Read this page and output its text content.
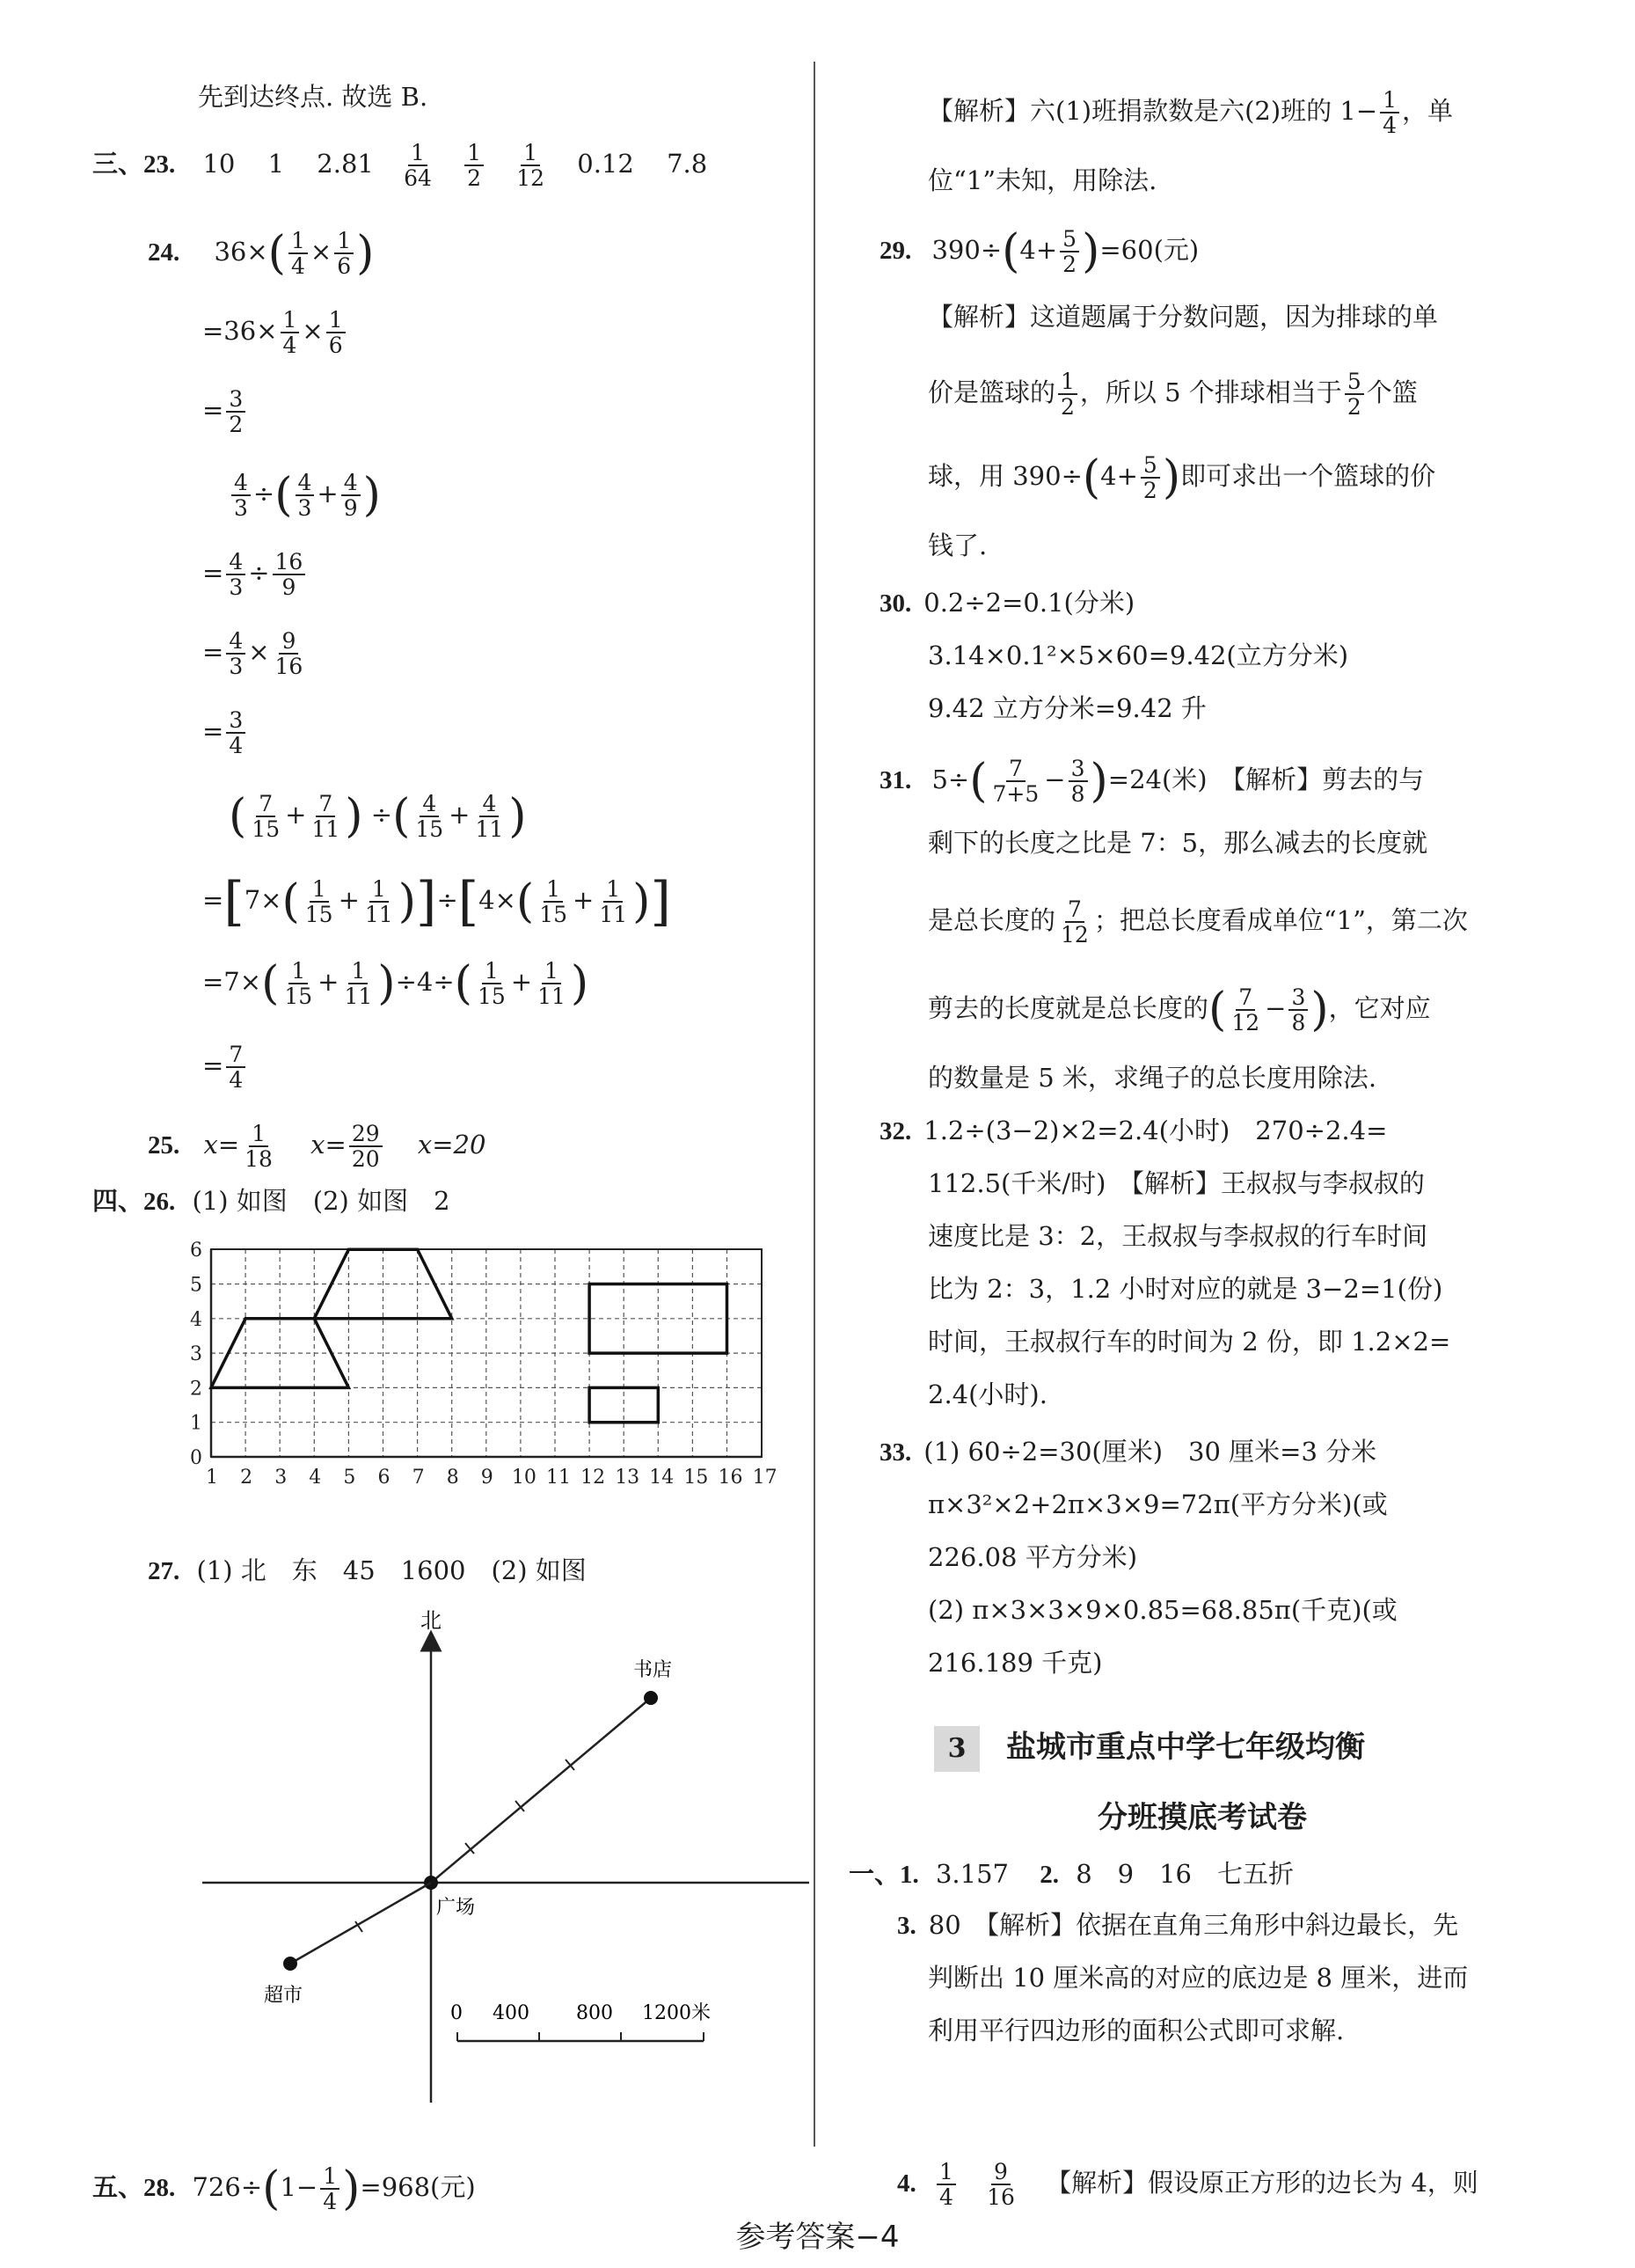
先到达终点. 故选 B.
三、23. 10 1 $2.81 \frac{1}{64}$
$\frac{1}{2}$
$\frac{1}{12} 0.12$ 7.8
24. $36\times( \frac{1}{4} \times \frac{1}{6}$ )
$=36\times \frac{1}{4} \times \frac{1}{6}$
= $\frac{3}{2}$
$\frac{4}{3}$ ÷( $\frac{4}{3} + \frac{4}{9}$ )
= $\frac{4}{3} \div \frac{16}{9}$
= $\frac{4}{3} \times \frac{9}{16}$
= $\frac{3}{4}$
( $\frac{7}{15} + \frac{7}{11}$ ) ÷( $\frac{4}{15} + \frac{4}{11}$ )
$=[7\times( \frac{1}{15} + \frac{1}{11} )]\div[4\times( \frac{1}{15} + \frac{1}{11}$ )]
$=7\times( \frac{1}{15} + \frac{1}{11} )\div 4\div( \frac{1}{15} + \frac{1}{11}$ )
= $\frac{7}{4}$
25. $x= \frac{1}{18} x= \frac{29}{20} x=20$
四、26. (1) 如图　(2) 如图　2
1 2 3 4 5 6 7 8 9 10 11 12 13 14 15 16 17
0
1
2
3
4
5
6
27. (1) 北　东　45　1600　(2) 如图
北
书店
广场
超市
0 400 800 1200米
五、28. $726\div(1- \frac{1}{4} )=968$(元)
【解析】六(1)班捐款数是六(2)班的 $1- \frac{1}{4}$ ，单
位“1”未知，用除法.
29. $390\div(4+ \frac{5}{2} )=60$(元)
【解析】这道题属于分数问题，因为排球的单
价是篮球的 $\frac{1}{2}$ ，所以 5 个排球相当于 $\frac{5}{2}$ 个篮
球，用 $390\div(4+ \frac{5}{2}$ )即可求出一个篮球的价
钱了.
30. 0.2÷2=0.1(分米)
3.14×0.1²×5×60=9.42(立方分米)
9.42 立方分米=9.42 升
31. $5\div( \frac{7}{7+5} - \frac{3}{8} )=24$(米)　【解析】剪去的与
剩下的长度之比是 7：5，那么减去的长度就
是总长度的 $\frac{7}{12}$ ；把总长度看成单位“1”，第二次
剪去的长度就是总长度的( $\frac{7}{12} - \frac{3}{8}$ )，它对应
的数量是 5 米，求绳子的总长度用除法.
32. 1.2÷(3−2)×2=2.4(小时)　270÷2.4=
112.5(千米/时)　【解析】王叔叔与李叔叔的
速度比是 3：2，王叔叔与李叔叔的行车时间
比为 2：3，1.2 小时对应的就是 3−2=1(份)
时间，王叔叔行车的时间为 2 份，即 1.2×2=
2.4(小时).
33. (1) 60÷2=30(厘米)　30 厘米=3 分米
π×3²×2+2π×3×9=72π(平方分米)(或
226.08 平方分米)
(2) π×3×3×9×0.85=68.85π(千克)(或
216.189 千克)
3 盐城市重点中学七年级均衡
分班摸底考试卷
一、1. 3.157 2. 8　9　16　七五折
3. 80　【解析】依据在直角三角形中斜边最长，先
判断出 10 厘米高的对应的底边是 8 厘米，进而
利用平行四边形的面积公式即可求解.
4. $\frac{1}{4}$
$\frac{9}{16}$ 【解析】假设原正方形的边长为 4，则
参考答案−4
